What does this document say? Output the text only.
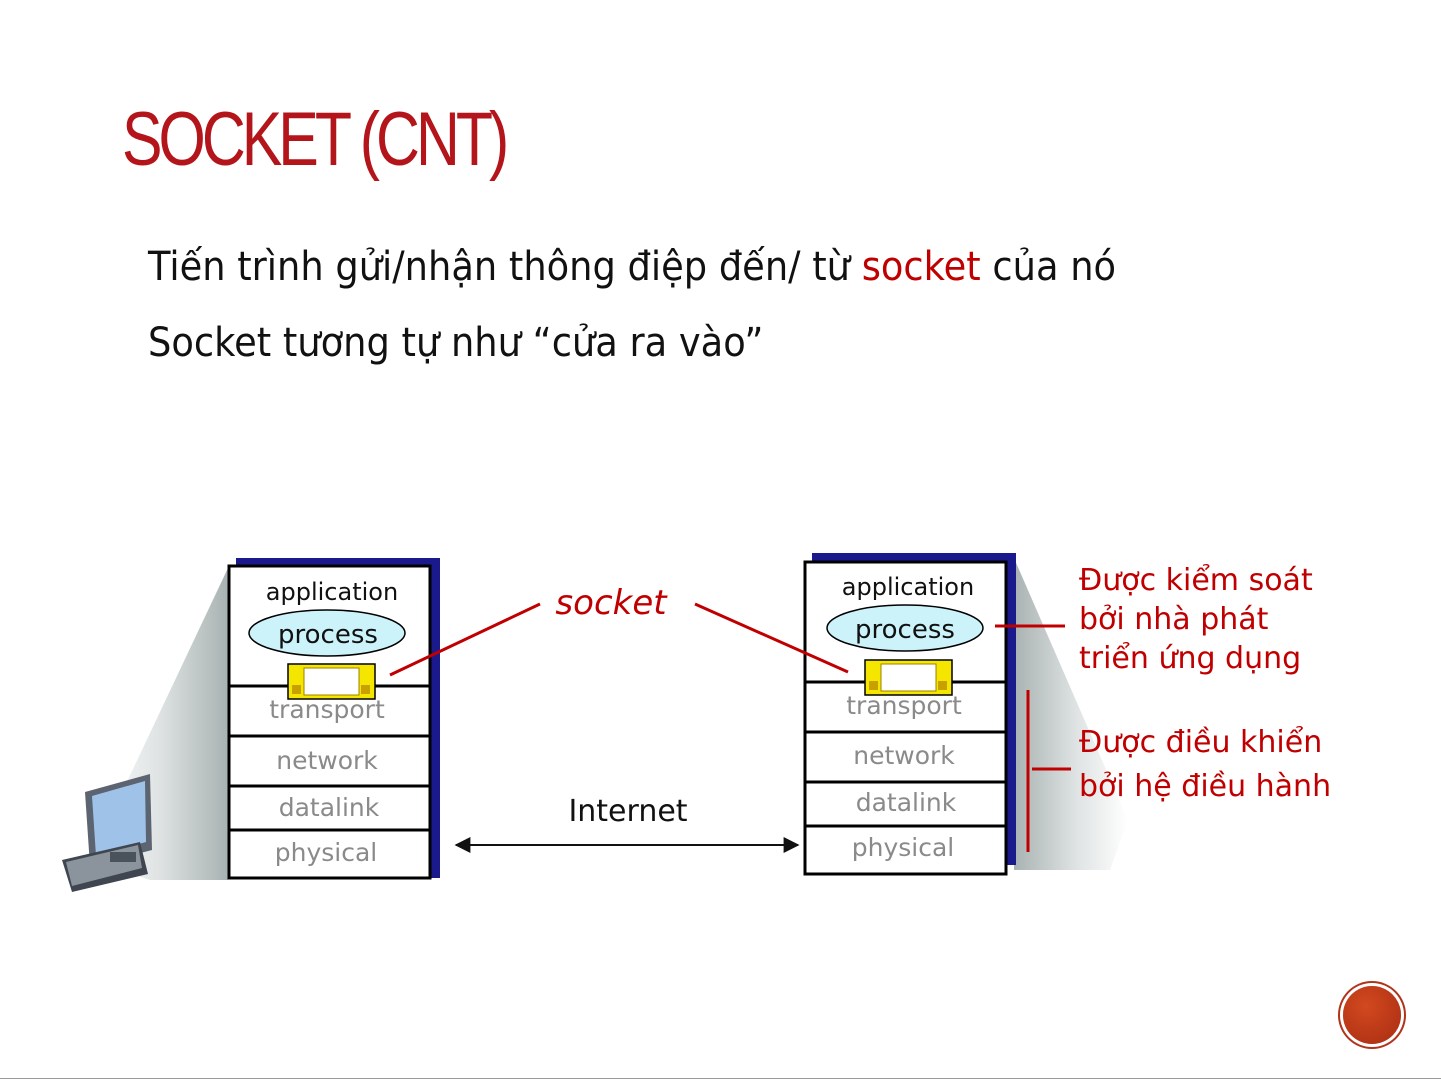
SOCKET (CNT)
Tiến trình gửi/nhận thông điệp đến/ từ socket của nó
Socket tương tự như “cửa ra vào”
application
process
transport
network
datalink
physical
application
process
transport
network
datalink
physical
socket
Internet
Được kiểm soát
bởi nhà phát
triển ứng dụng
Được điều khiển
bởi hệ điều hành
